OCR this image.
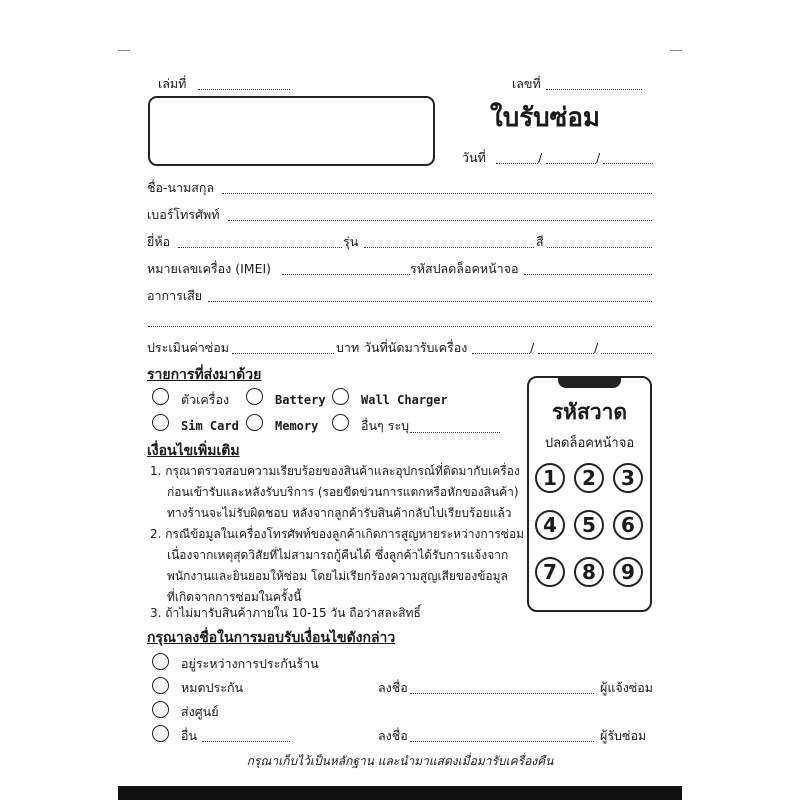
เล่มที่	เลขที่
ใบรับซ่อม
วันที่	/	/
ชื่อ-นามสกุล
เบอร์โทรศัพท์
ยี่ห้อ	รุ่น	สี
หมายเลขเครื่อง (IMEI)	รหัสปลดล็อคหน้าจอ
อาการเสีย
ประเมินค่าซ่อม	บาท วันที่นัดมารับเครื่อง	/	/
รายการที่ส่งมาด้วย
ตัวเครื่อง	Battery	Wall Charger
Sim Card	Memory	อื่นๆ ระบุ
เงื่อนไขเพิ่มเติม
1. กรุณาตรวจสอบความเรียบร้อยของสินค้าและอุปกรณ์ที่ติดมากับเครื่อง
ก่อนเข้ารับและหลังรับบริการ (รอยขีดข่วนการแตกหรือหักของสินค้า)
ทางร้านจะไม่รับผิดชอบ หลังจากลูกค้ารับสินค้ากลับไปเรียบร้อยแล้ว
2. กรณีข้อมูลในเครื่องโทรศัพท์ของลูกค้าเกิดการสูญหายระหว่างการซ่อม
เนื่องจากเหตุสุดวิสัยที่ไม่สามารถกู้คืนได้ ซึ่งลูกค้าได้รับการแจ้งจาก
พนักงานและยินยอมให้ซ่อม โดยไม่เรียกร้องความสูญเสียของข้อมูล
ที่เกิดจากการซ่อมในครั้งนี้
3. ถ้าไม่มารับสินค้าภายใน 10-15 วัน ถือว่าสละสิทธิ์
รหัสวาด
ปลดล็อคหน้าจอ
1	2	3
4	5	6
7	8	9
กรุณาลงชื่อในการมอบรับเงื่อนไขดังกล่าว
อยู่ระหว่างการประกันร้าน
หมดประกัน	ลงชื่อ	ผู้แจ้งซ่อม
ส่งศูนย์
อื่น	ลงชื่อ	ผู้รับซ่อม
กรุณาเก็บไว้เป็นหลักฐาน และนำมาแสดงเมื่อมารับเครื่องคืน
